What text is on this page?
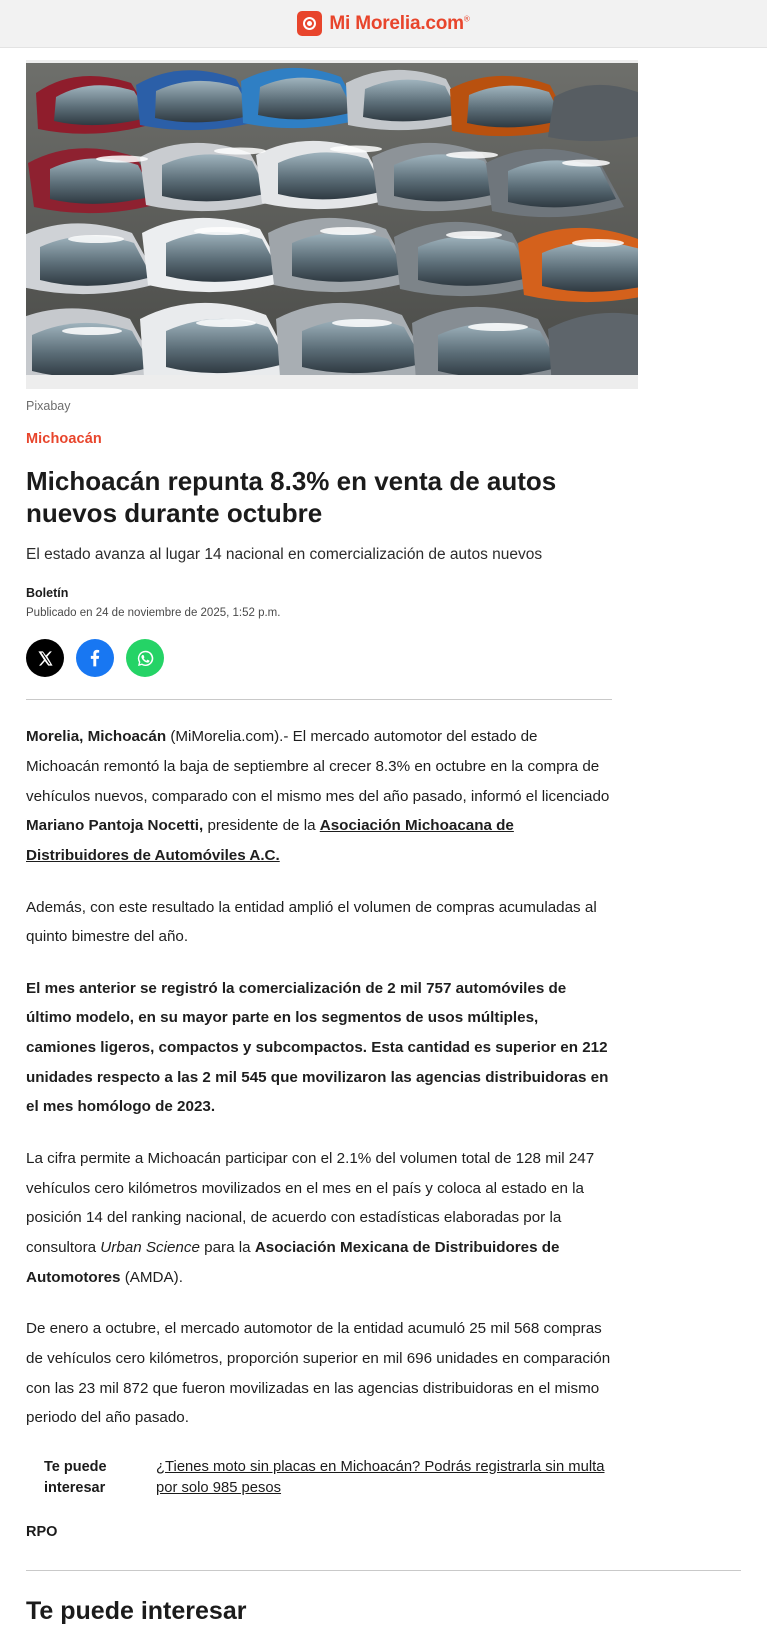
Mi Morelia.com®
Pixabay
Michoacán
Michoacán repunta 8.3% en venta de autos nuevos durante octubre
El estado avanza al lugar 14 nacional en comercialización de autos nuevos
Boletín
Publicado en 24 de noviembre de 2025, 1:52 p.m.

Morelia, Michoacán (MiMorelia.com).- El mercado automotor del estado de Michoacán remontó la baja de septiembre al crecer 8.3% en octubre en la compra de vehículos nuevos, comparado con el mismo mes del año pasado, informó el licenciado Mariano Pantoja Nocetti, presidente de la Asociación Michoacana de Distribuidores de Automóviles A.C.

Además, con este resultado la entidad amplió el volumen de compras acumuladas al quinto bimestre del año.

El mes anterior se registró la comercialización de 2 mil 757 automóviles de último modelo, en su mayor parte en los segmentos de usos múltiples, camiones ligeros, compactos y subcompactos. Esta cantidad es superior en 212 unidades respecto a las 2 mil 545 que movilizaron las agencias distribuidoras en el mes homólogo de 2023.

La cifra permite a Michoacán participar con el 2.1% del volumen total de 128 mil 247 vehículos cero kilómetros movilizados en el mes en el país y coloca al estado en la posición 14 del ranking nacional, de acuerdo con estadísticas elaboradas por la consultora Urban Science para la Asociación Mexicana de Distribuidores de Automotores (AMDA).

De enero a octubre, el mercado automotor de la entidad acumuló 25 mil 568 compras de vehículos cero kilómetros, proporción superior en mil 696 unidades en comparación con las 23 mil 872 que fueron movilizadas en las agencias distribuidoras en el mismo periodo del año pasado.

Te puede interesar
¿Tienes moto sin placas en Michoacán? Podrás registrarla sin multa por solo 985 pesos
RPO
Te puede interesar
